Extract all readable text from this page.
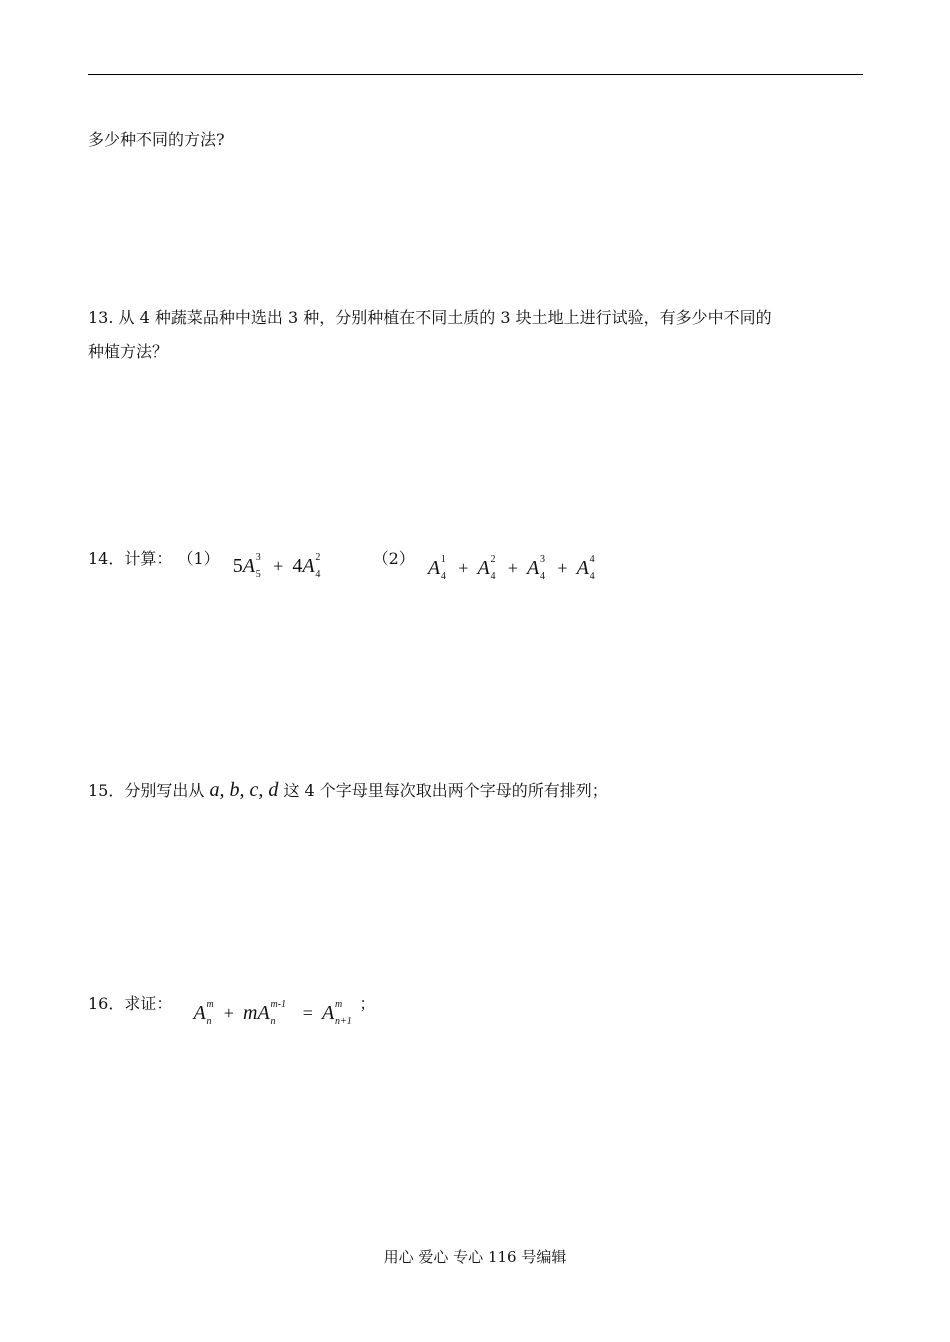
多少种不同的方法?
13. 从 4 种蔬菜品种中选出 3 种，分别种植在不同土质的 3 块土地上进行试验，有多少中不同的
种植方法？
14．计算： （1） 5A 3
5 + 4A 2
4
（2） A 1
4 + A 2
4 + A 3
4 + A 4
4
15．分别写出从 a, b, c, d 这 4 个字母里每次取出两个字母的所有排列；
16．求证： A m
n + mA m-1
n = A m
n+1
；
用心 爱心 专心 116 号编辑
